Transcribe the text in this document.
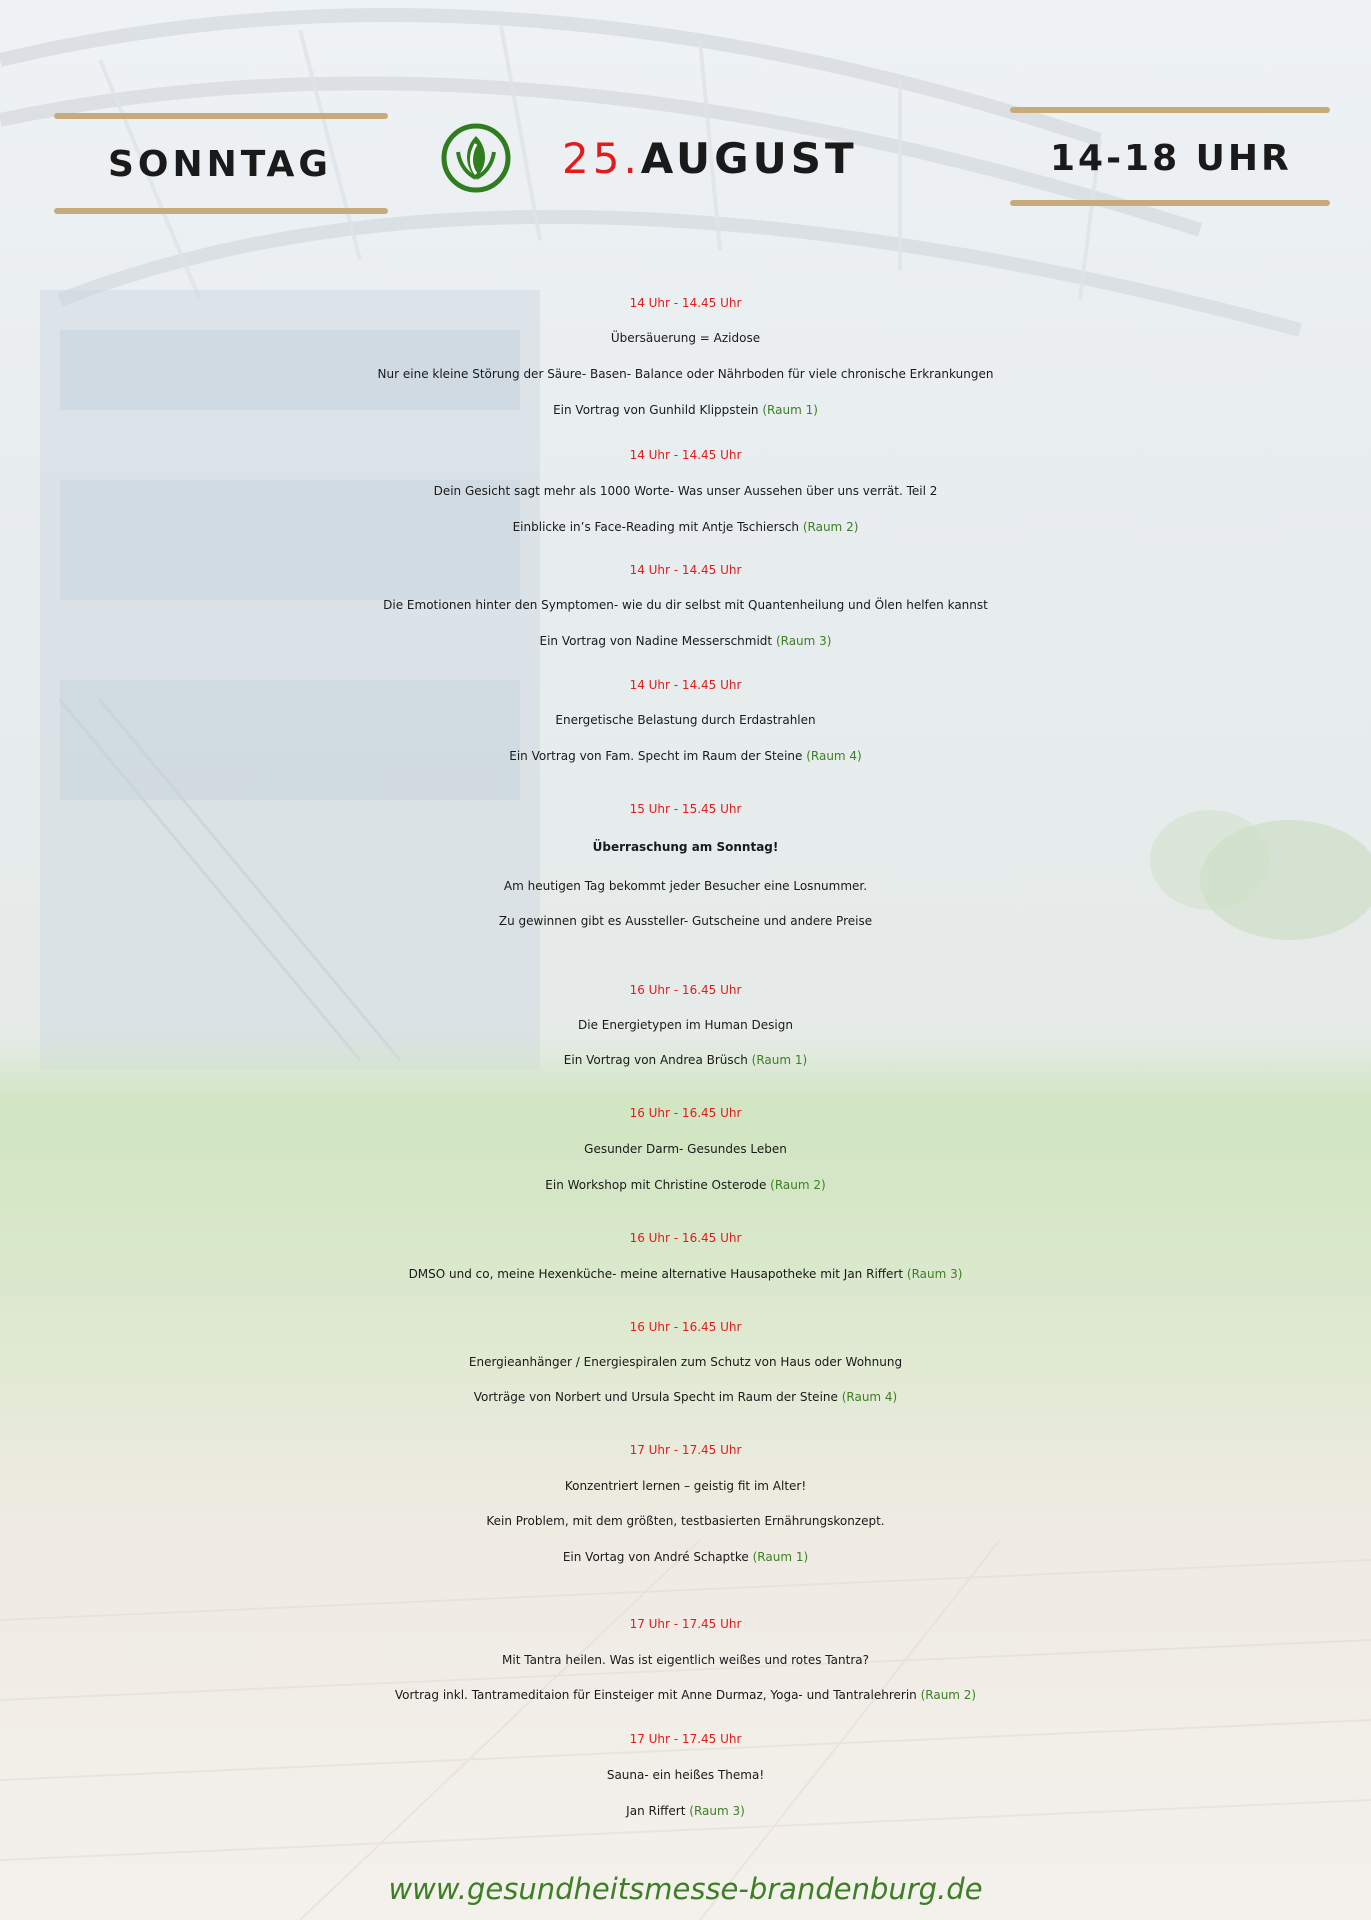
SONNTAG	25.AUGUST	14-18 UHR
14 Uhr - 14.45 Uhr
Übersäuerung = Azidose
Nur eine kleine Störung der Säure- Basen- Balance oder Nährboden für viele chronische Erkrankungen
Ein Vortrag von Gunhild Klippstein (Raum 1)
14 Uhr - 14.45 Uhr
Dein Gesicht sagt mehr als 1000 Worte- Was unser Aussehen über uns verrät. Teil 2
Einblicke in’s Face-Reading mit Antje Tschiersch (Raum 2)
14 Uhr - 14.45 Uhr
Die Emotionen hinter den Symptomen- wie du dir selbst mit Quantenheilung und Ölen helfen kannst
Ein Vortrag von Nadine Messerschmidt (Raum 3)
14 Uhr - 14.45 Uhr
Energetische Belastung durch Erdastrahlen
Ein Vortrag von Fam. Specht im Raum der Steine (Raum 4)
15 Uhr - 15.45 Uhr
Überraschung am Sonntag!
Am heutigen Tag bekommt jeder Besucher eine Losnummer.
Zu gewinnen gibt es Aussteller- Gutscheine und andere Preise
16 Uhr - 16.45 Uhr
Die Energietypen im Human Design
Ein Vortrag von Andrea Brüsch (Raum 1)
16 Uhr - 16.45 Uhr
Gesunder Darm- Gesundes Leben
Ein Workshop mit Christine Osterode (Raum 2)
16 Uhr - 16.45 Uhr
DMSO und co, meine Hexenküche- meine alternative Hausapotheke mit Jan Riffert (Raum 3)
16 Uhr - 16.45 Uhr
Energieanhänger / Energiespiralen zum Schutz von Haus oder Wohnung
Vorträge von Norbert und Ursula Specht im Raum der Steine (Raum 4)
17 Uhr - 17.45 Uhr
Konzentriert lernen – geistig fit im Alter!
Kein Problem, mit dem größten, testbasierten Ernährungskonzept.
Ein Vortag von André Schaptke (Raum 1)
17 Uhr - 17.45 Uhr
Mit Tantra heilen. Was ist eigentlich weißes und rotes Tantra?
Vortrag inkl. Tantrameditaion für Einsteiger mit Anne Durmaz, Yoga- und Tantralehrerin (Raum 2)
17 Uhr - 17.45 Uhr
Sauna- ein heißes Thema!
Jan Riffert (Raum 3)
www.gesundheitsmesse-brandenburg.de
